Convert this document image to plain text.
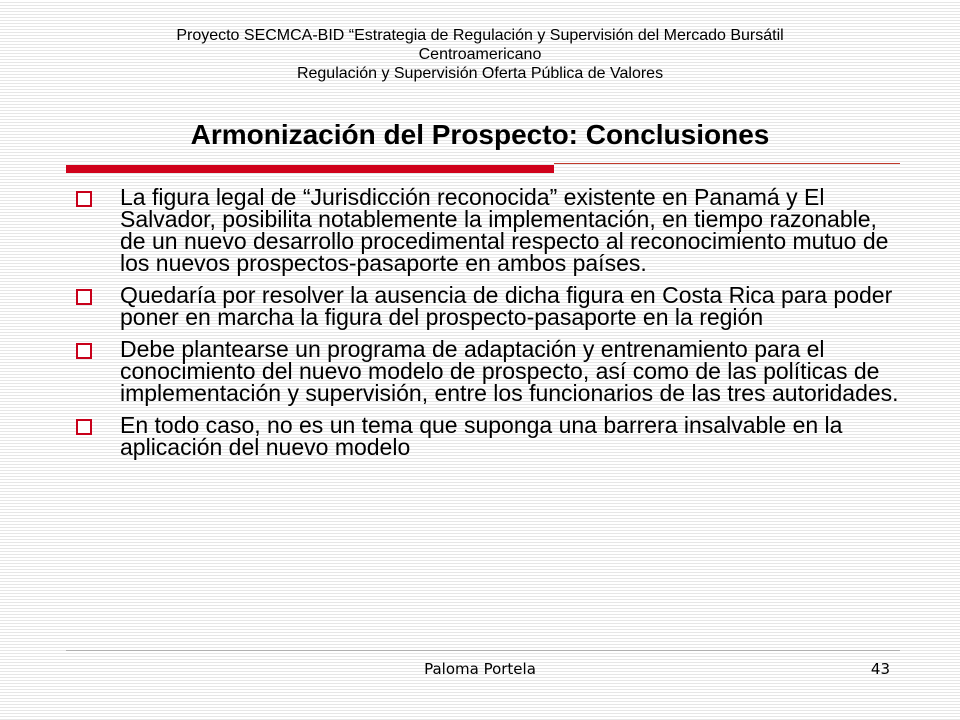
Proyecto SECMCA-BID “Estrategia de Regulación y Supervisión del Mercado Bursátil
Centroamericano
Regulación y Supervisión Oferta Pública de Valores
Armonización del Prospecto: Conclusiones
La figura legal de “Jurisdicción reconocida” existente en Panamá y El Salvador, posibilita notablemente la implementación, en tiempo razonable, de un nuevo desarrollo procedimental respecto al reconocimiento mutuo de los nuevos prospectos-pasaporte en ambos países.
Quedaría por resolver la ausencia de dicha figura en Costa Rica para poder poner en marcha la figura del prospecto-pasaporte en la región
Debe plantearse un programa de adaptación y entrenamiento para el conocimiento del nuevo modelo de prospecto, así como de las políticas de implementación y supervisión, entre los funcionarios de las tres autoridades.
En todo caso, no es un tema que suponga una barrera insalvable en la aplicación del nuevo modelo
Paloma Portela	43
